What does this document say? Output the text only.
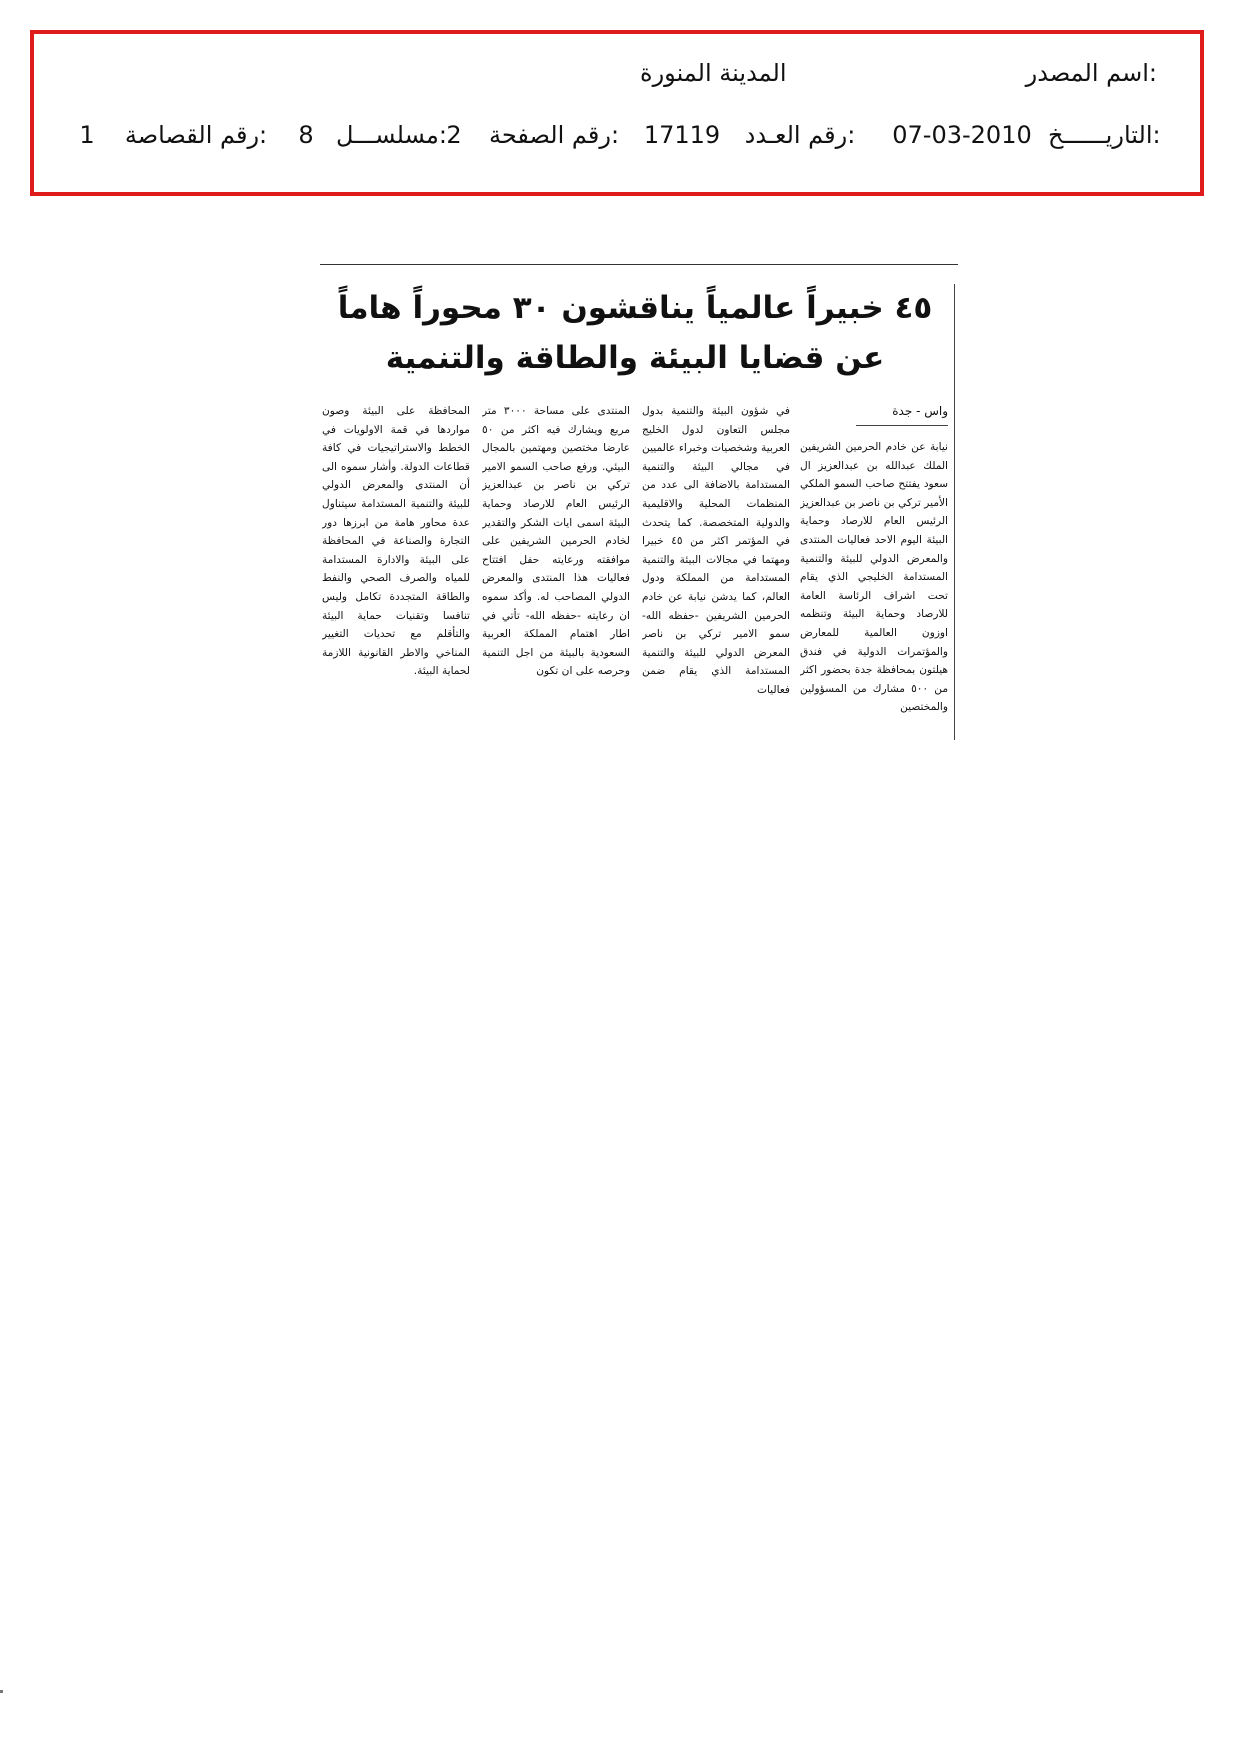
اسم المصدر:
المدينة المنورة
التاريــــــخ:
07-03-2010
رقم العـدد:
17119
رقم الصفحة:
2
مسلســـل:
8
رقم القصاصة:
1
٤٥ خبيراً عالمياً يناقشون ٣٠ محوراً هاماً
عن قضايا البيئة والطاقة والتنمية
واس - جدة

نيابة عن خادم الحرمين الشريفين الملك عبدالله بن عبدالعزيز ال سعود يفتتح صاحب السمو الملكي الأمير تركي بن ناصر بن عبدالعزيز الرئيس العام للارصاد وحماية البيئة اليوم الاحد فعاليات المنتدى والمعرض الدولي للبيئة والتنمية المستدامة الخليجي الذي يقام تحت اشراف الرئاسة العامة للارصاد وحماية البيئة وتنظمه اوزون العالمية للمعارض والمؤتمرات الدولية في فندق هيلتون بمحافظة جدة بحضور اكثر من ٥٠٠ مشارك من المسؤولين والمختصين

في شؤون البيئة والتنمية بدول مجلس التعاون لدول الخليج العربية وشخصيات وخبراء عالميين في مجالي البيئة والتنمية المستدامة بالاضافة الى عدد من المنظمات المحلية والاقليمية والدولية المتخصصة. كما يتحدث في المؤتمر اكثر من ٤٥ خبيرا ومهتما في مجالات البيئة والتنمية المستدامة من المملكة ودول العالم، كما يدشن نيابة عن خادم الحرمين الشريفين -حفظه الله- سمو الامير تركي بن ناصر المعرض الدولي للبيئة والتنمية المستدامة الذي يقام ضمن فعاليات

المنتدى على مساحة ٣٠٠٠ متر مربع ويشارك فيه اكثر من ٥٠ عارضا مختصين ومهتمين بالمجال البيئي. ورفع صاحب السمو الامير تركي بن ناصر بن عبدالعزيز الرئيس العام للارصاد وحماية البيئة اسمى ايات الشكر والتقدير لخادم الحرمين الشريفين على موافقته ورعايته حفل افتتاح فعاليات هذا المنتدى والمعرض الدولي المصاحب له. وأكد سموه ان رعايته -حفظه الله- تأتي في اطار اهتمام المملكة العربية السعودية بالبيئة من اجل التنمية وحرصه على ان تكون

المحافظة على البيئة وصون مواردها في قمة الاولويات في الخطط والاستراتيجيات في كافة قطاعات الدولة. وأشار سموه الى أن المنتدى والمعرض الدولي للبيئة والتنمية المستدامة سيتناول عدة محاور هامة من ابرزها دور التجارة والصناعة في المحافظة على البيئة والادارة المستدامة للمياه والصرف الصحي والنفط والطاقة المتجددة تكامل وليس تنافسا وتقنيات حماية البيئة والتأقلم مع تحديات التغيير المناخي والاطر القانونية اللازمة لحماية البيئة.
